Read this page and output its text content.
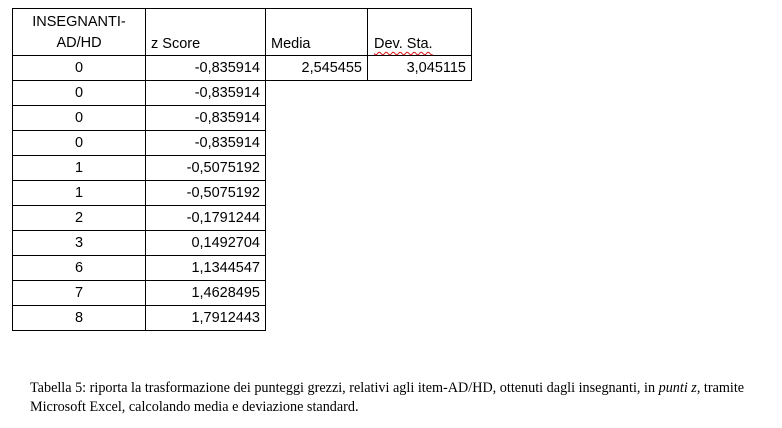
INSEGNANTI-
AD/HD	z Score	Media	Dev. Sta.
0	-0,835914	2,545455	3,045115
0	-0,835914
0	-0,835914
0	-0,835914
1	-0,5075192
1	-0,5075192
2	-0,1791244
3	0,1492704
6	1,1344547
7	1,4628495
8	1,7912443
Tabella 5: riporta la trasformazione dei punteggi grezzi, relativi agli item-AD/HD, ottenuti dagli insegnanti, in punti z, tramite Microsoft Excel, calcolando media e deviazione standard.
